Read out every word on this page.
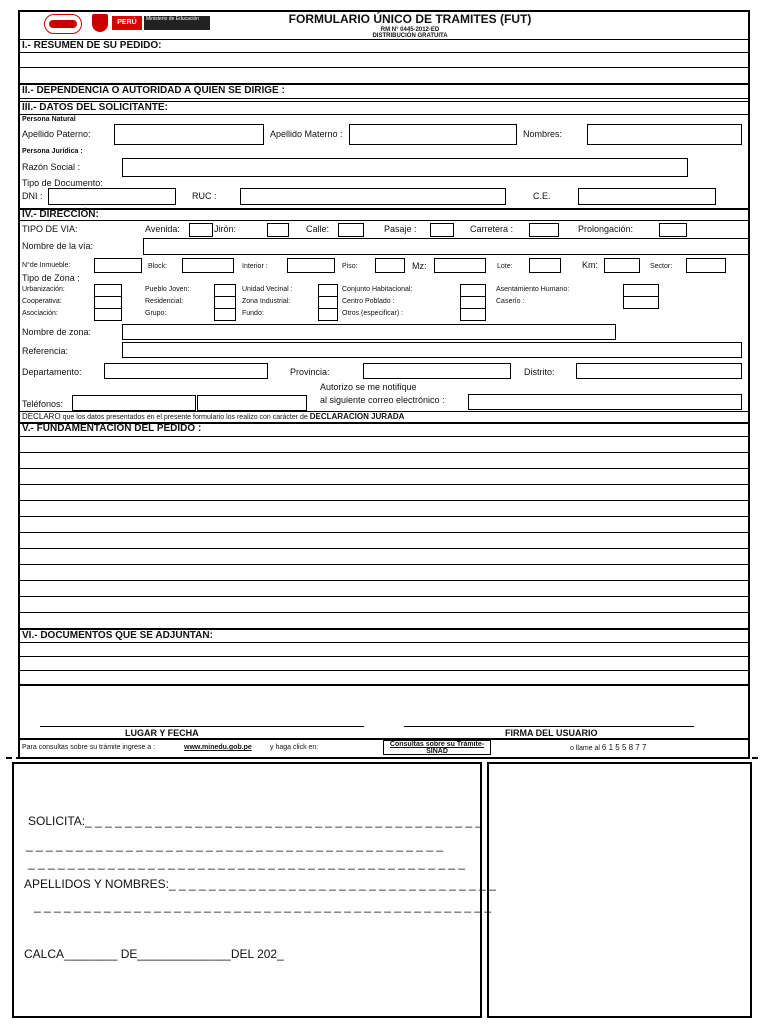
PERÚ	Ministerio de Educación	FORMULARIO ÚNICO DE TRAMITES (FUT)
RM N° 0445-2012-ED
DISTRIBUCIÓN GRATUITA
I.- RESUMEN DE SU PEDIDO:
II.- DEPENDENCIA O AUTORIDAD A QUIEN SE DIRIGE :
III.- DATOS DEL SOLICITANTE:
Persona Natural
Apellido Paterno:	Apellido Materno :	Nombres:
Persona Jurídica :
Razón Social :
Tipo de Documento:
DNI :	RUC :	C.E.
IV.- DIRECCIÓN:
TIPO DE VIA:	Avenida:	Jirón:	Calle:	Pasaje :	Carretera :	Prolongación:
Nombre de la vía:
N°de Inmueble:	Block:	Interior :	Piso:	Mz:	Lote:	Km:	Sector:
Tipo de Zona :
Urbanización:	Pueblo Joven:	Unidad Vecinal :	Conjunto Habitacional:	Asentamiento Humano:
Cooperativa:	Residencial:	Zona Industrial:	Centro Poblado :	Caserío :
Asociación:	Grupo:	Fundo:	Otros (especificar) :
Nombre de zona:
Referencia:
Departamento:	Provincia:	Distrito:
Autorizo se me notifique
al siguiente correo electrónico :
Teléfonos:
DECLARO que los datos presentados en el presente formulario los realizo con carácter de DECLARACION JURADA
V.- FUNDAMENTACIÓN DEL PEDIDO :
VI.- DOCUMENTOS QUE SE ADJUNTAN:
LUGAR Y FECHA	FIRMA DEL USUARIO
Para consultas sobre su trámite ingrese a :	www.minedu.gob.pe	y haga click en:	Consultas sobre su Trámite-SINAD	o llame al 6 1 5 5 8 7 7
SOLICITA:_ _ _ _ _ _ _ _ _ _ _ _ _ _ _ _ _ _ _ _ _ _ _ _ _ _ _ _ _ _ _ _ _ _ _ _ _ _ _ _
_ _ _ _ _ _ _ _ _ _ _ _ _ _ _ _ _ _ _ _ _ _ _ _ _ _ _ _ _ _ _ _ _ _ _ _ _ _ _ _ _ _
_ _ _ _ _ _ _ _ _ _ _ _ _ _ _ _ _ _ _ _ _ _ _ _ _ _ _ _ _ _ _ _ _ _ _ _ _ _ _ _ _ _ _ _
APELLIDOS Y NOMBRES:_ _ _ _ _ _ _ _ _ _ _ _ _ _ _ _ _ _ _ _ _ _ _ _ _ _ _ _ _ _ _ _ _
_ _ _ _ _ _ _ _ _ _ _ _ _ _ _ _ _ _ _ _ _ _ _ _ _ _ _ _ _ _ _ _ _ _ _ _ _ _ _ _ _ _ _ _ _ _
CALCA________ DE______________DEL 202_
